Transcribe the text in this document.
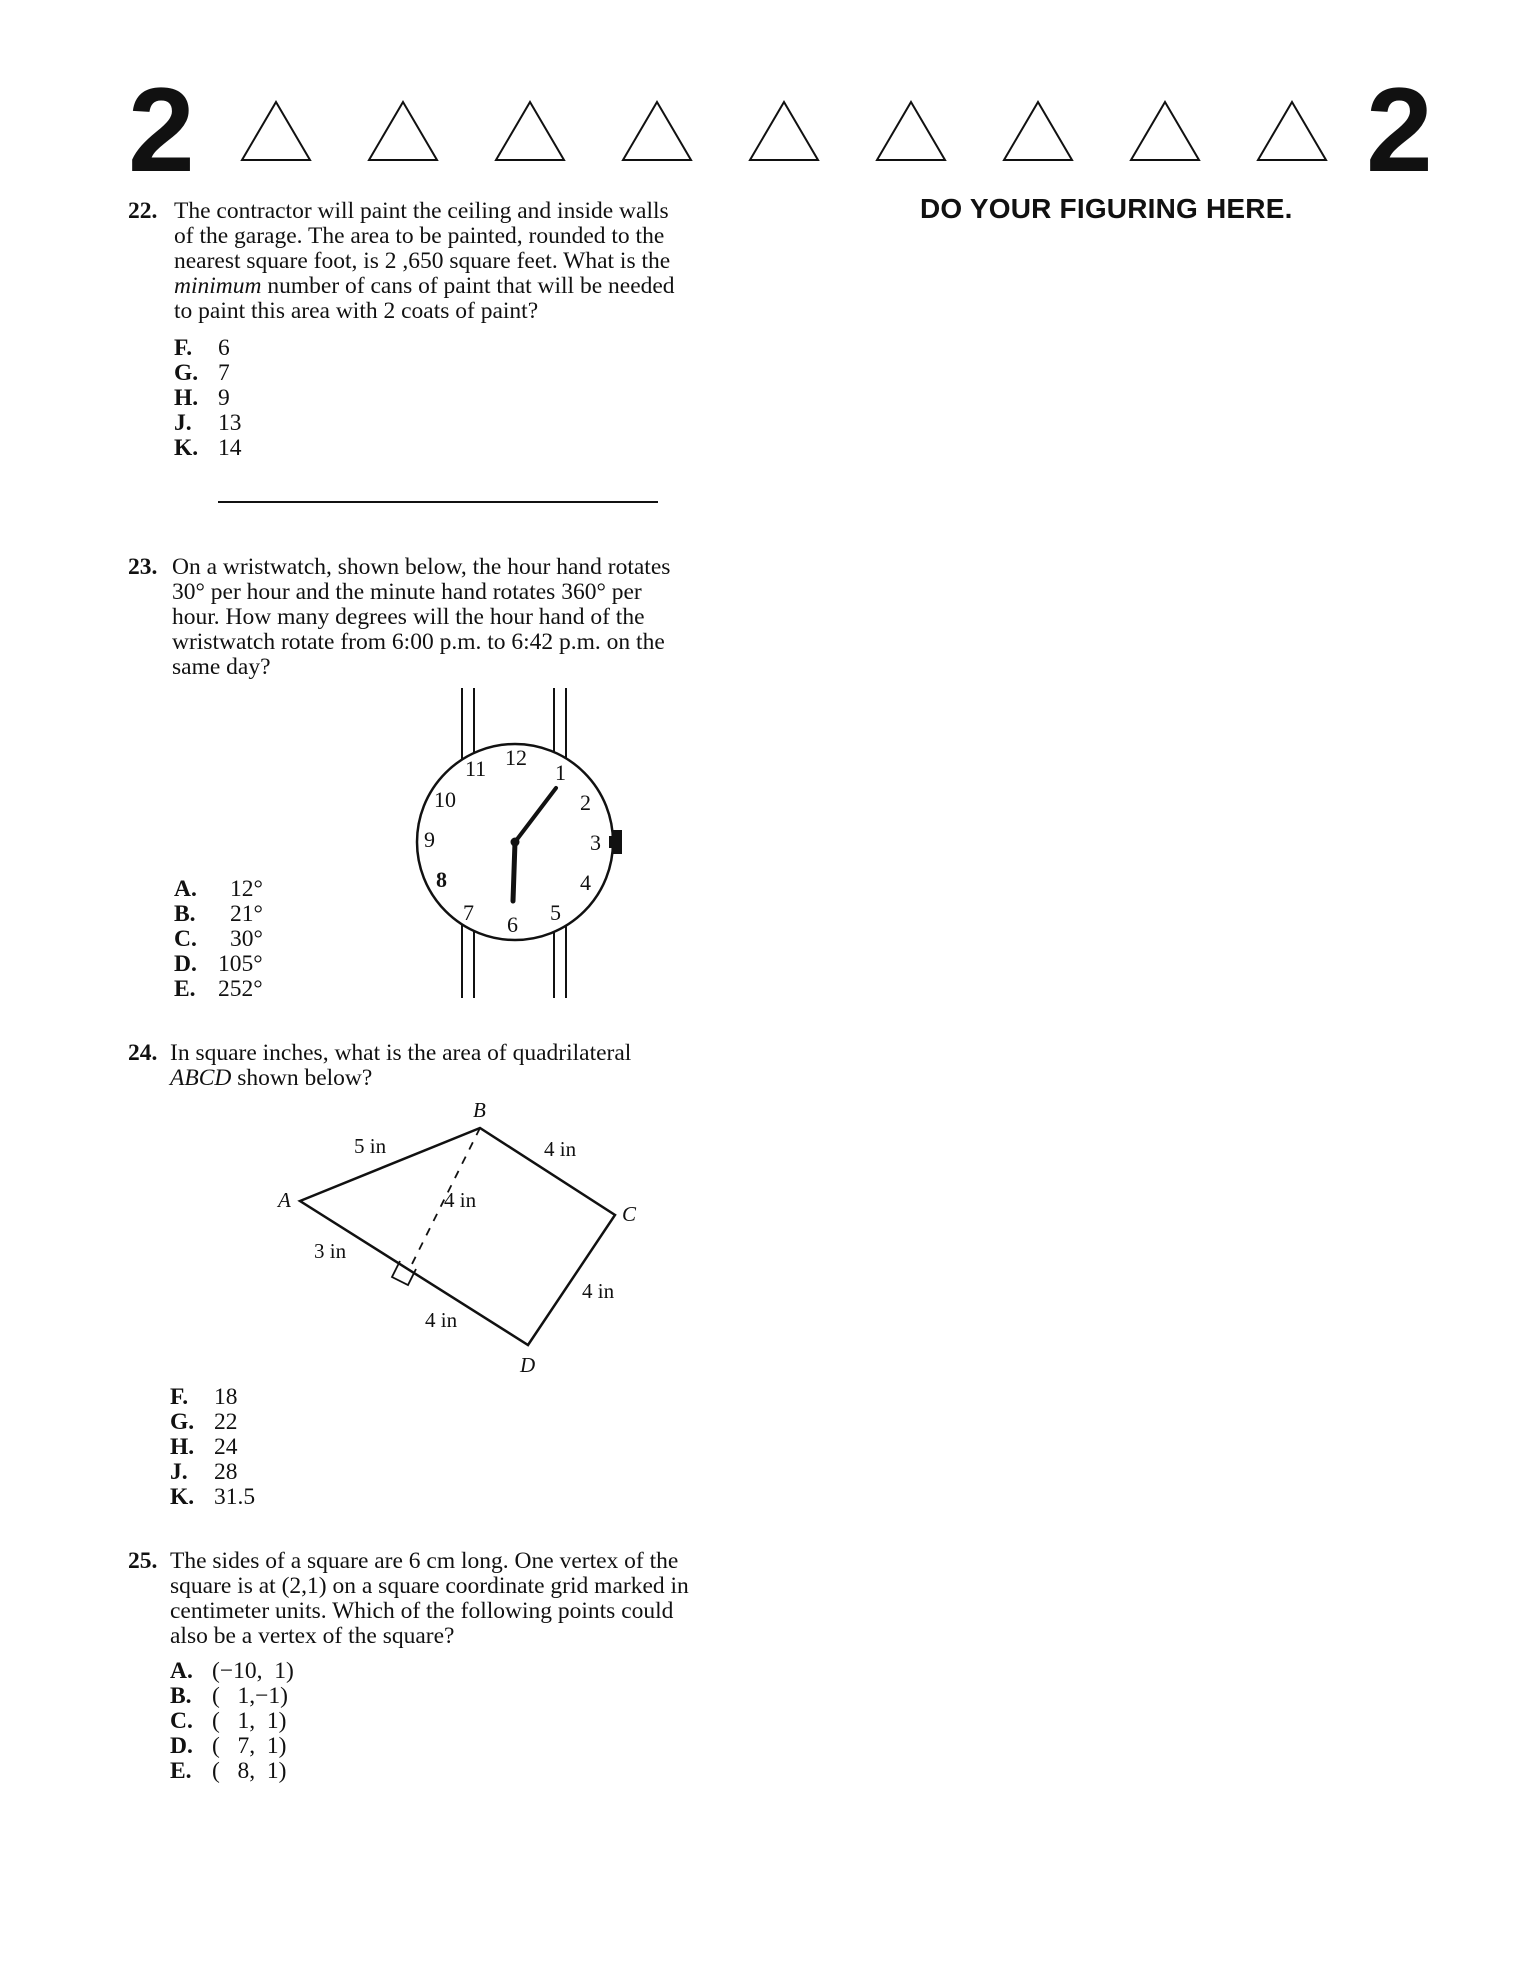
2	2
DO YOUR FIGURING HERE.
22. The contractor will paint the ceiling and inside walls
of the garage. The area to be painted, rounded to the
nearest square foot, is 2 ,650 square feet. What is the
minimum number of cans of paint that will be needed
to paint this area with 2 coats of paint?
F. 6
G. 7
H. 9
J. 13
K. 14
23. On a wristwatch, shown below, the hour hand rotates
30° per hour and the minute hand rotates 360° per
hour. How many degrees will the hour hand of the
wristwatch rotate from 6:00 p.m. to 6:42 p.m. on the
same day?
12
1
2
3
4
5
6
7
8
9
10
11
A. 12°
B. 21°
C. 30°
D. 105°
E. 252°
24. In square inches, what is the area of quadrilateral
ABCD shown below?
A
B
C
D
5 in	4 in
4 in
3 in
4 in
4 in
F. 18
G. 22
H. 24
J. 28
K. 31.5
25. The sides of a square are 6 cm long. One vertex of the
square is at (2,1) on a square coordinate grid marked in
centimeter units. Which of the following points could
also be a vertex of the square?
A. (−10,  1)
B. (   1,−1)
C. (   1,  1)
D. (   7,  1)
E. (   8,  1)
